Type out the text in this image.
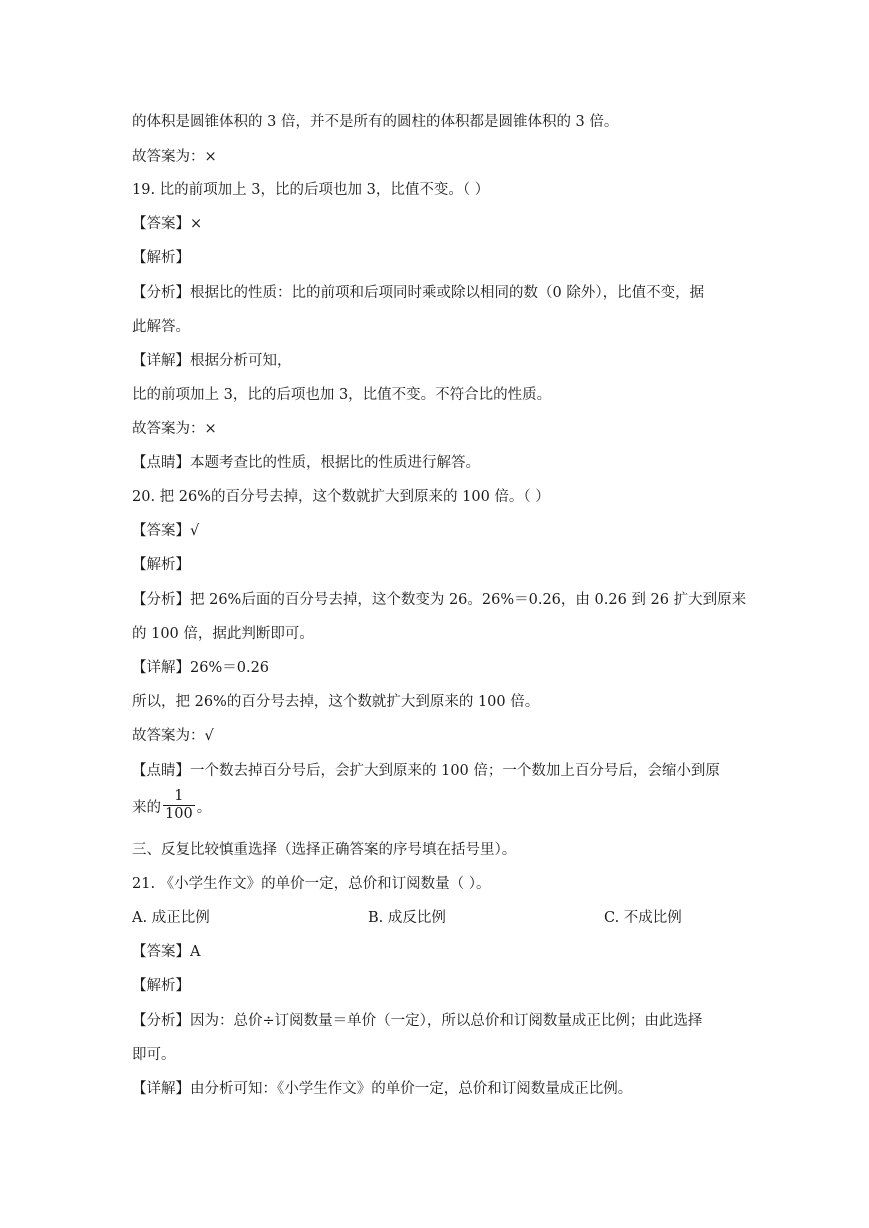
的体积是圆锥体积的 3 倍，并不是所有的圆柱的体积都是圆锥体积的 3 倍。
故答案为：×
19. 比的前项加上 3，比的后项也加 3，比值不变。（ ）
【答案】×
【解析】
【分析】根据比的性质：比的前项和后项同时乘或除以相同的数（0 除外），比值不变，据
此解答。
【详解】根据分析可知，
比的前项加上 3，比的后项也加 3，比值不变。不符合比的性质。
故答案为：×
【点睛】本题考查比的性质，根据比的性质进行解答。
20. 把 26%的百分号去掉，这个数就扩大到原来的 100 倍。（ ）
【答案】√
【解析】
【分析】把 26%后面的百分号去掉，这个数变为 26。26%＝0.26，由 0.26 到 26 扩大到原来
的 100 倍，据此判断即可。
【详解】26%＝0.26
所以，把 26%的百分号去掉，这个数就扩大到原来的 100 倍。
故答案为：√
【点睛】一个数去掉百分号后，会扩大到原来的 100 倍；一个数加上百分号后，会缩小到原
来的 $\frac{1}{100}$ 。
三、反复比较慎重选择（选择正确答案的序号填在括号里）。
21. 《小学生作文》的单价一定，总价和订阅数量（ ）。
A. 成正比例	B. 成反比例	C. 不成比例
【答案】A
【解析】
【分析】因为：总价÷订阅数量＝单价（一定），所以总价和订阅数量成正比例；由此选择
即可。
【详解】由分析可知：《小学生作文》的单价一定，总价和订阅数量成正比例。
